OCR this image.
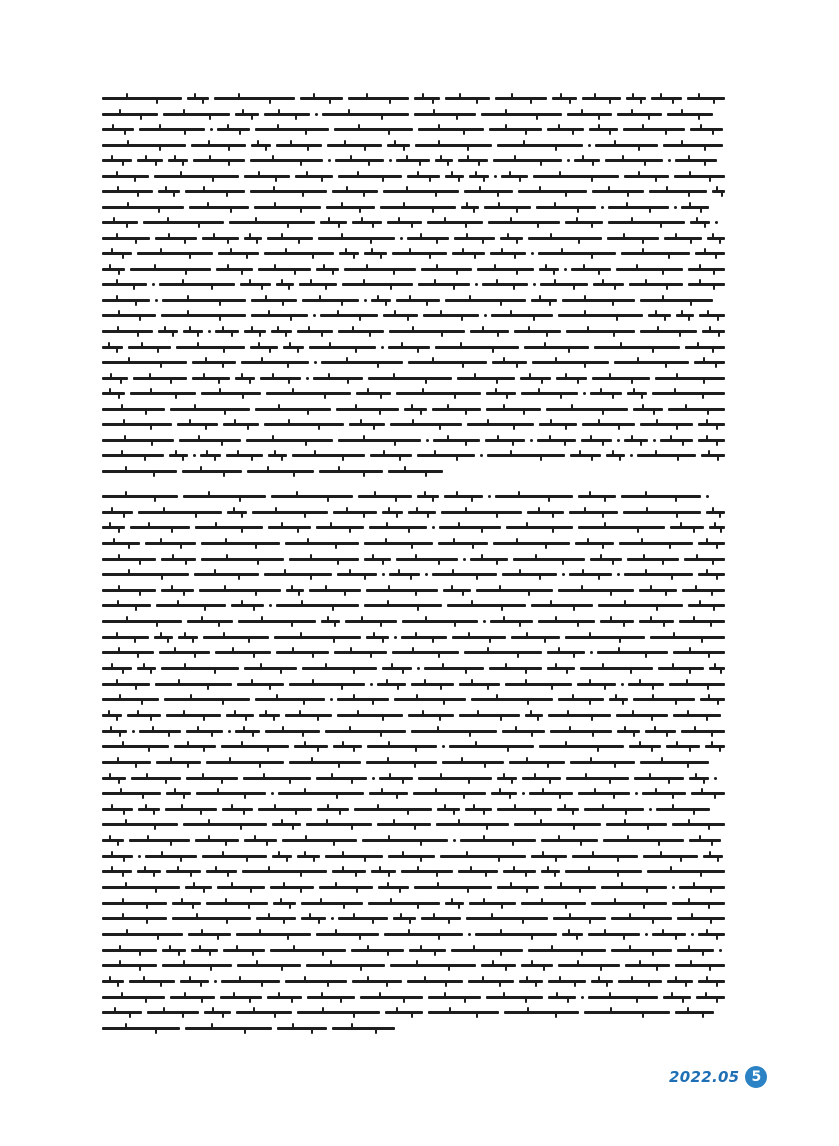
2022.05 5
